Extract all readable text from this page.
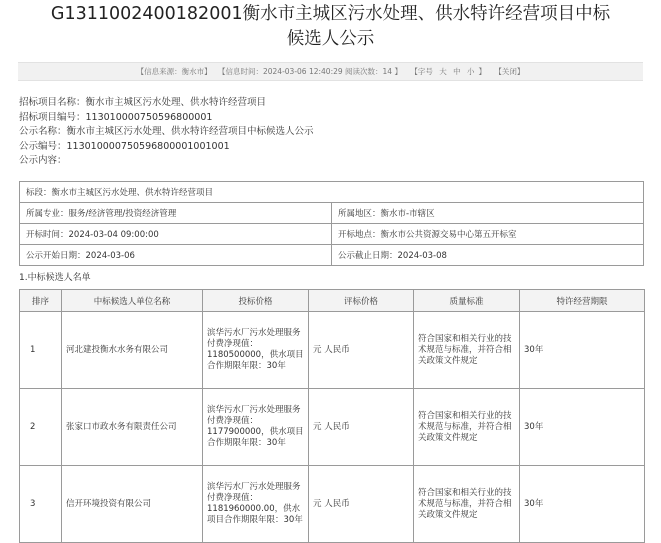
G1311002400182001衡水市主城区污水处理、供水特许经营项目中标
候选人公示
【信息来源：衡水市】 【信息时间：2024-03-06 12:40:29 阅读次数：14 】 【字号 大 中 小 】 【关闭】
招标项目名称：衡水市主城区污水处理、供水特许经营项目
招标项目编号：113010000750596800001
公示名称：衡水市主城区污水处理、供水特许经营项目中标候选人公示
公示编号：113010000750596800001001001
公示内容：
标段：衡水市主城区污水处理、供水特许经营项目	
所属专业：服务/经济管理/投资经济管理	所属地区：衡水市-市辖区
开标时间：2024-03-04 09:00:00	开标地点：衡水市公共资源交易中心第五开标室
公示开始日期：2024-03-06	公示截止日期：2024-03-08
1.中标候选人名单
排序	中标候选人单位名称	投标价格	评标价格	质量标准	特许经营期限
1	河北建投衡水水务有限公司	滨华污水厂污水处理服务付费净现值：1180500000，供水项目合作期限年限：30年	元 人民币	符合国家和相关行业的技术规范与标准，并符合相关政策文件规定	30年
2	张家口市政水务有限责任公司	滨华污水厂污水处理服务付费净现值：1177900000，供水项目合作期限年限：30年	元 人民币	符合国家和相关行业的技术规范与标准，并符合相关政策文件规定	30年
3	信开环境投资有限公司	滨华污水厂污水处理服务付费净现值：1181960000.00，供水项目合作期限年限：30年	元 人民币	符合国家和相关行业的技术规范与标准，并符合相关政策文件规定	30年
